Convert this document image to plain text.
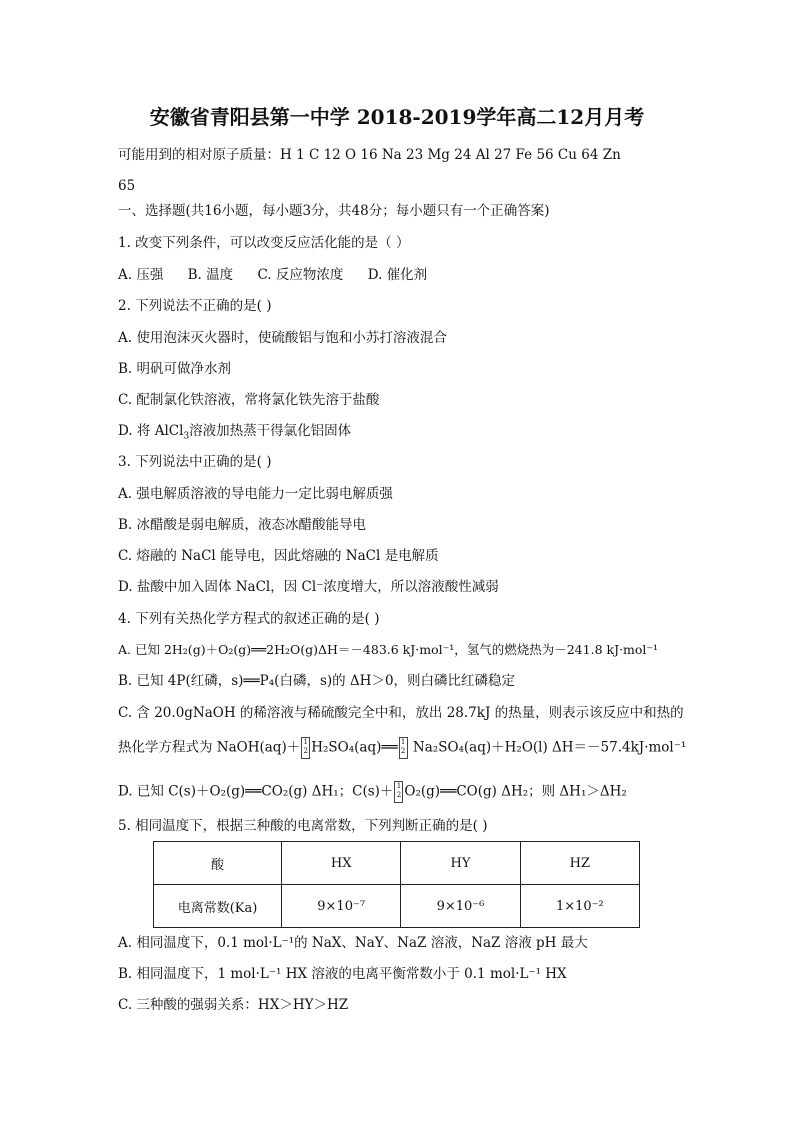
安徽省青阳县第一中学 2018-2019学年高二12月月考
可能用到的相对原子质量：H 1 C 12 O 16 Na 23 Mg 24 Al 27 Fe 56 Cu 64 Zn
65
一、选择题(共16小题，每小题3分，共48分；每小题只有一个正确答案)
1. 改变下列条件，可以改变反应活化能的是（ ）
A. 压强 B. 温度 C. 反应物浓度 D. 催化剂
2. 下列说法不正确的是( )
A. 使用泡沫灭火器时，使硫酸铝与饱和小苏打溶液混合
B. 明矾可做净水剂
C. 配制氯化铁溶液，常将氯化铁先溶于盐酸
D. 将 AlCl$_3$溶液加热蒸干得氯化铝固体
3. 下列说法中正确的是( )
A. 强电解质溶液的导电能力一定比弱电解质强
B. 冰醋酸是弱电解质，液态冰醋酸能导电
C. 熔融的 NaCl 能导电，因此熔融的 NaCl 是电解质
D. 盐酸中加入固体 NaCl，因 Cl⁻浓度增大，所以溶液酸性减弱
4. 下列有关热化学方程式的叙述正确的是( )
A. 已知 2H₂(g)＋O₂(g)══2H₂O(g)ΔH＝－483.6 kJ·mol⁻¹，氢气的燃烧热为－241.8 kJ·mol⁻¹
B. 已知 4P(红磷，s)══P₄(白磷，s)的 ΔH＞0，则白磷比红磷稳定
C. 含 20.0gNaOH 的稀溶液与稀硫酸完全中和，放出 28.7kJ 的热量，则表示该反应中和热的
热化学方程式为 NaOH(aq)＋ 1
2 H₂SO₄(aq)══ 1
2 Na₂SO₄(aq)＋H₂O(l) ΔH＝－57.4kJ·mol⁻¹
D. 已知 C(s)＋O₂(g)══CO₂(g) ΔH₁；C(s)＋ 1
2 O₂(g)══CO(g) ΔH₂；则 ΔH₁＞ΔH₂
5. 相同温度下，根据三种酸的电离常数，下列判断正确的是( )
酸	HX	HY	HZ
电离常数(Ka)	9×10⁻⁷	9×10⁻⁶	1×10⁻²
A. 相同温度下，0.1 mol·L⁻¹的 NaX、NaY、NaZ 溶液，NaZ 溶液 pH 最大
B. 相同温度下，1 mol·L⁻¹ HX 溶液的电离平衡常数小于 0.1 mol·L⁻¹ HX
C. 三种酸的强弱关系：HX＞HY＞HZ
